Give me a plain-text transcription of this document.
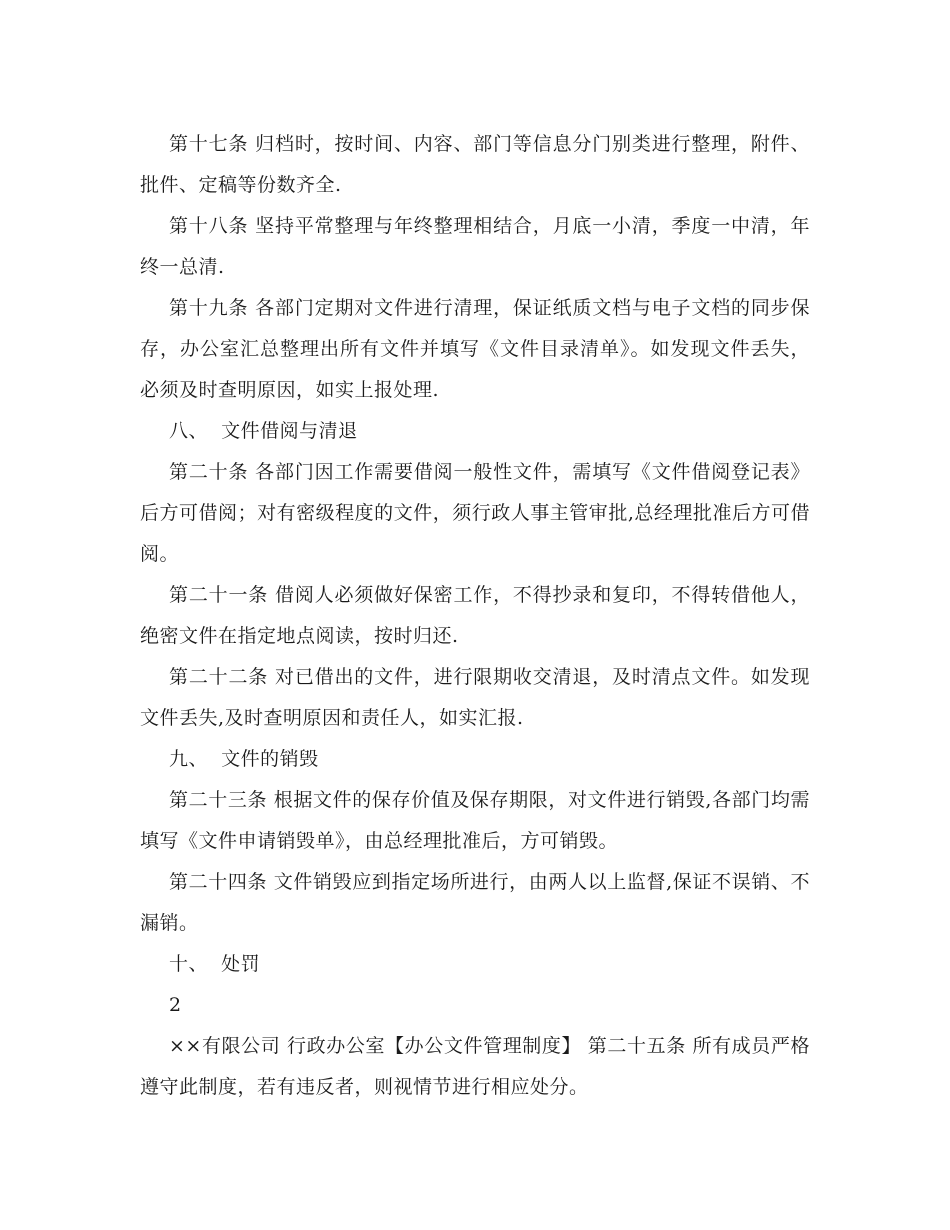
第十七条 归档时，按时间、内容、部门等信息分门别类进行整理，附件、批件、定稿等份数齐全.

第十八条 坚持平常整理与年终整理相结合，月底一小清，季度一中清，年终一总清.

第十九条 各部门定期对文件进行清理，保证纸质文档与电子文档的同步保存，办公室汇总整理出所有文件并填写《文件目录清单》。如发现文件丢失，必须及时查明原因，如实上报处理.

八、  文件借阅与清退

第二十条 各部门因工作需要借阅一般性文件，需填写《文件借阅登记表》后方可借阅；对有密级程度的文件，须行政人事主管审批,总经理批准后方可借阅。

第二十一条 借阅人必须做好保密工作，不得抄录和复印，不得转借他人，绝密文件在指定地点阅读，按时归还.

第二十二条 对已借出的文件，进行限期收交清退，及时清点文件。如发现文件丢失,及时查明原因和责任人，如实汇报.

九、  文件的销毁

第二十三条 根据文件的保存价值及保存期限，对文件进行销毁,各部门均需填写《文件申请销毁单》，由总经理批准后，方可销毁。

第二十四条 文件销毁应到指定场所进行，由两人以上监督,保证不误销、不漏销。

十、  处罚

2

××有限公司 行政办公室【办公文件管理制度】 第二十五条 所有成员严格遵守此制度，若有违反者，则视情节进行相应处分。
